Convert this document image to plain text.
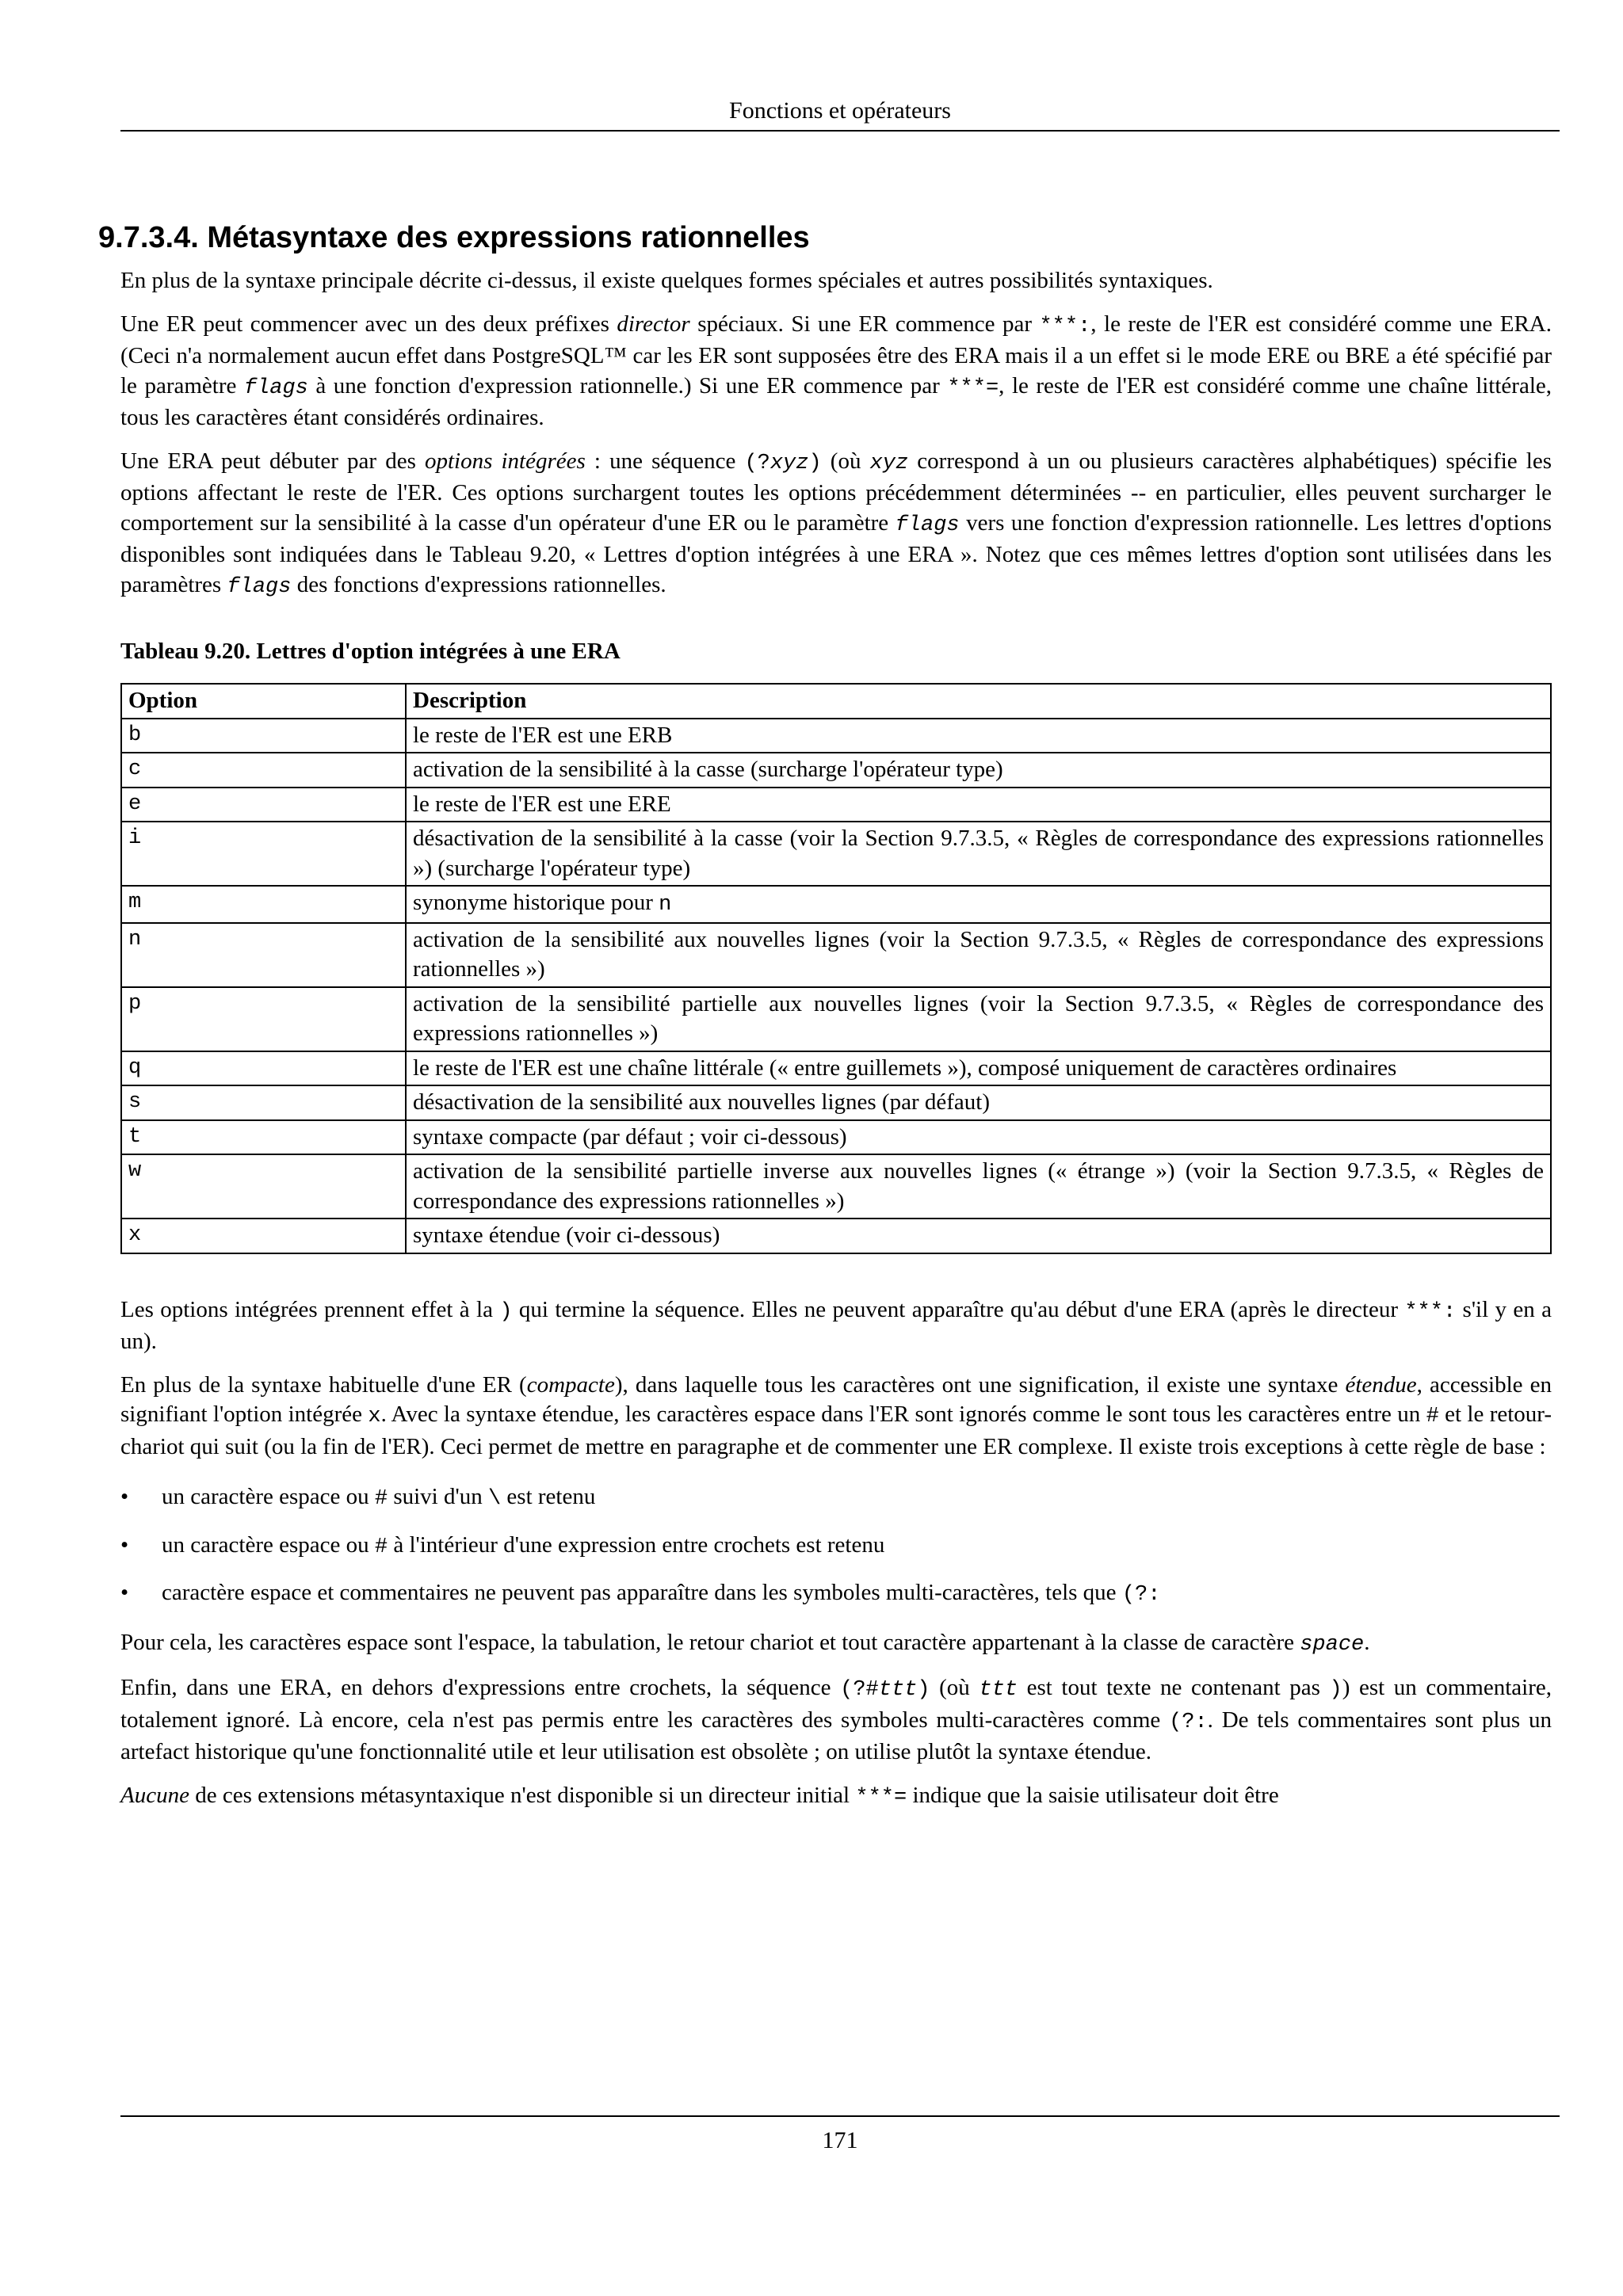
Fonctions et opérateurs
9.7.3.4. Métasyntaxe des expressions rationnelles

En plus de la syntaxe principale décrite ci-dessus, il existe quelques formes spéciales et autres possibilités syntaxiques.

Une ER peut commencer avec un des deux préfixes director spéciaux. Si une ER commence par ***:, le reste de l'ER est considéré comme une ERA. (Ceci n'a normalement aucun effet dans PostgreSQL™ car les ER sont supposées être des ERA mais il a un effet si le mode ERE ou BRE a été spécifié par le paramètre flags à une fonction d'expression rationnelle.) Si une ER commence par ***=, le reste de l'ER est considéré comme une chaîne littérale, tous les caractères étant considérés ordinaires.

Une ERA peut débuter par des options intégrées : une séquence (?xyz) (où xyz correspond à un ou plusieurs caractères alphabétiques) spécifie les options affectant le reste de l'ER. Ces options surchargent toutes les options précédemment déterminées -- en particulier, elles peuvent surcharger le comportement sur la sensibilité à la casse d'un opérateur d'une ER ou le paramètre flags vers une fonction d'expression rationnelle. Les lettres d'options disponibles sont indiquées dans le Tableau 9.20, « Lettres d'option intégrées à une ERA ». Notez que ces mêmes lettres d'option sont utilisées dans les paramètres flags des fonctions d'expressions rationnelles.

Tableau 9.20. Lettres d'option intégrées à une ERA
Option	Description
b	le reste de l'ER est une ERB
c	activation de la sensibilité à la casse (surcharge l'opérateur type)
e	le reste de l'ER est une ERE
i	désactivation de la sensibilité à la casse (voir la Section 9.7.3.5, « Règles de correspondance des expressions rationnelles ») (surcharge l'opérateur type)
m	synonyme historique pour n
n	activation de la sensibilité aux nouvelles lignes (voir la Section 9.7.3.5, « Règles de correspondance des expressions rationnelles »)
p	activation de la sensibilité partielle aux nouvelles lignes (voir la Section 9.7.3.5, « Règles de correspondance des expressions rationnelles »)
q	le reste de l'ER est une chaîne littérale (« entre guillemets »), composé uniquement de caractères ordinaires
s	désactivation de la sensibilité aux nouvelles lignes (par défaut)
t	syntaxe compacte (par défaut ; voir ci-dessous)
w	activation de la sensibilité partielle inverse aux nouvelles lignes (« étrange ») (voir la Section 9.7.3.5, « Règles de correspondance des expressions rationnelles »)
x	syntaxe étendue (voir ci-dessous)

Les options intégrées prennent effet à la ) qui termine la séquence. Elles ne peuvent apparaître qu'au début d'une ERA (après le directeur ***: s'il y en a un).

En plus de la syntaxe habituelle d'une ER (compacte), dans laquelle tous les caractères ont une signification, il existe une syntaxe étendue, accessible en signifiant l'option intégrée x. Avec la syntaxe étendue, les caractères espace dans l'ER sont ignorés comme le sont tous les caractères entre un # et le retour-chariot qui suit (ou la fin de l'ER). Ceci permet de mettre en paragraphe et de commenter une ER complexe. Il existe trois exceptions à cette règle de base :

• un caractère espace ou # suivi d'un \ est retenu
• un caractère espace ou # à l'intérieur d'une expression entre crochets est retenu
• caractère espace et commentaires ne peuvent pas apparaître dans les symboles multi-caractères, tels que (?:

Pour cela, les caractères espace sont l'espace, la tabulation, le retour chariot et tout caractère appartenant à la classe de caractère space.

Enfin, dans une ERA, en dehors d'expressions entre crochets, la séquence (?#ttt) (où ttt est tout texte ne contenant pas )) est un commentaire, totalement ignoré. Là encore, cela n'est pas permis entre les caractères des symboles multi-caractères comme (?:. De tels commentaires sont plus un artefact historique qu'une fonctionnalité utile et leur utilisation est obsolète ; on utilise plutôt la syntaxe étendue.

Aucune de ces extensions métasyntaxique n'est disponible si un directeur initial ***= indique que la saisie utilisateur doit être

171
